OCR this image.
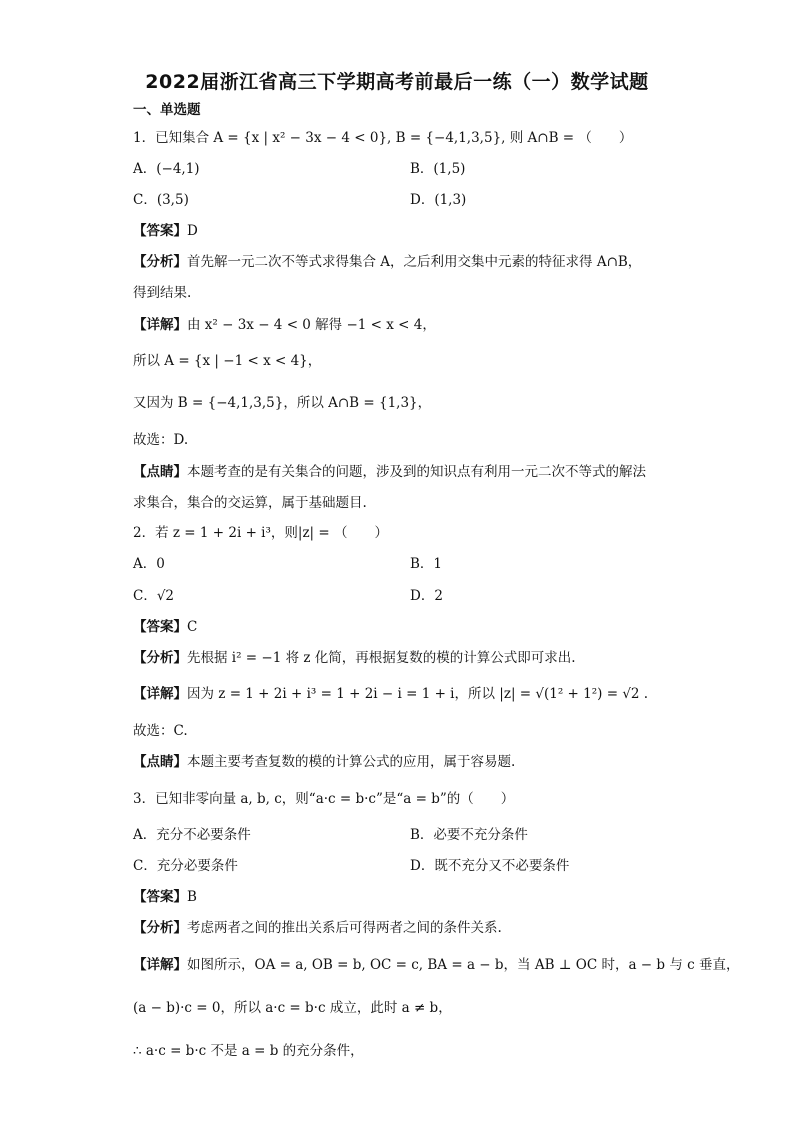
2022届浙江省高三下学期高考前最后一练（一）数学试题
一、单选题
1．已知集合 A = {x | x² − 3x − 4 < 0}, B = {−4,1,3,5}, 则 A∩B = （　　）
A．(−4,1)	B．(1,5)
C．(3,5)	D．(1,3)
【答案】D
【分析】首先解一元二次不等式求得集合 A，之后利用交集中元素的特征求得 A∩B，
得到结果.
【详解】由 x² − 3x − 4 < 0 解得 −1 < x < 4，
所以 A = {x | −1 < x < 4}，
又因为 B = {−4,1,3,5}，所以 A∩B = {1,3}，
故选：D.
【点睛】本题考查的是有关集合的问题，涉及到的知识点有利用一元二次不等式的解法
求集合，集合的交运算，属于基础题目.
2．若 z = 1 + 2i + i³，则|z| = （　　）
A．0	B．1
C．√2	D．2
【答案】C
【分析】先根据 i² = −1 将 z 化简，再根据复数的模的计算公式即可求出.
【详解】因为 z = 1 + 2i + i³ = 1 + 2i − i = 1 + i，所以 |z| = √(1² + 1²) = √2 .
故选：C.
【点睛】本题主要考查复数的模的计算公式的应用，属于容易题.
3．已知非零向量 a, b, c，则“a·c = b·c”是“a = b”的（　　）
A．充分不必要条件	B．必要不充分条件
C．充分必要条件	D．既不充分又不必要条件
【答案】B
【分析】考虑两者之间的推出关系后可得两者之间的条件关系.
【详解】如图所示，OA = a, OB = b, OC = c, BA = a − b，当 AB ⊥ OC 时，a − b 与 c 垂直，
(a − b)·c = 0，所以 a·c = b·c 成立，此时 a ≠ b，
∴ a·c = b·c 不是 a = b 的充分条件，
